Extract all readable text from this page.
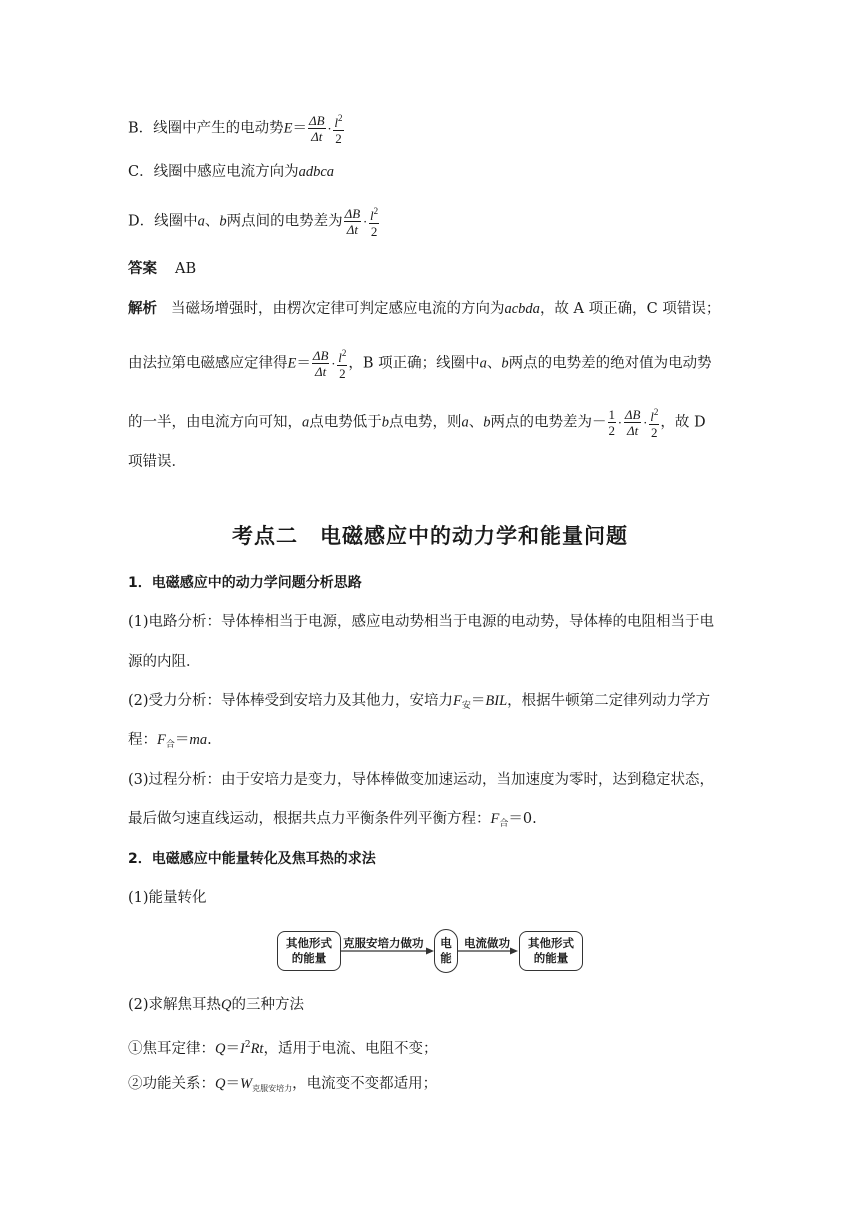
B．线圈中产生的电动势$E= \frac{\Delta B}{\Delta t} \cdot \frac{l^2}{2}$
C．线圈中感应电流方向为adbca
D．线圈中a、b两点间的电势差为 $\frac{\Delta B}{\Delta t} \cdot \frac{l^2}{2}$
答案 AB
解析 当磁场增强时，由楞次定律可判定感应电流的方向为acbda，故 A 项正确，C 项错误；
由法拉第电磁感应定律得$E= \frac{\Delta B}{\Delta t} \cdot \frac{l^2}{2}$ ，B 项正确；线圈中a、b两点的电势差的绝对值为电动势
的一半，由电流方向可知，a点电势低于b点电势，则a、b两点的电势差为－ $\frac{1}{2} \cdot \frac{\Delta B}{\Delta t} \cdot \frac{l^2}{2}$ ，故 D
项错误．
考点二　电磁感应中的动力学和能量问题
1．电磁感应中的动力学问题分析思路
(1)电路分析：导体棒相当于电源，感应电动势相当于电源的电动势，导体棒的电阻相当于电
源的内阻．
(2)受力分析：导体棒受到安培力及其他力，安培力$F_安=BIL$，根据牛顿第二定律列动力学方
程：$F_合=ma$.
(3)过程分析：由于安培力是变力，导体棒做变加速运动，当加速度为零时，达到稳定状态，
最后做匀速直线运动，根据共点力平衡条件列平衡方程：$F_合=0$.
2．电磁感应中能量转化及焦耳热的求法
(1)能量转化
其他形式的能量
克服安培力做功 电能
电流做功 其他形式的能量
(2)求解焦耳热Q的三种方法
①焦耳定律：$Q=I^2Rt$，适用于电流、电阻不变；
②功能关系：$Q=W_{克服安培力}$，电流变不变都适用；
